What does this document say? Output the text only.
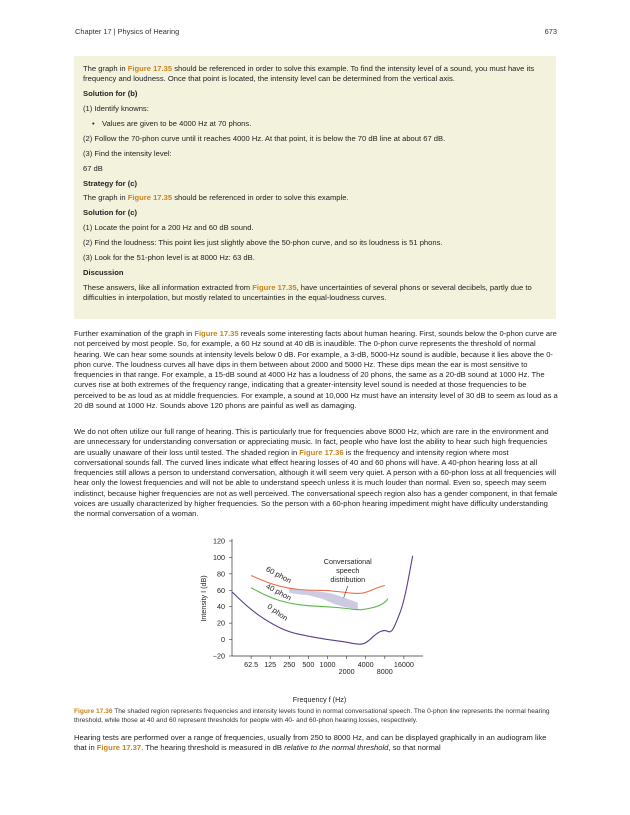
Chapter 17 | Physics of Hearing	673

The graph in Figure 17.35 should be referenced in order to solve this example. To find the intensity level of a sound, you must have its frequency and loudness. Once that point is located, the intensity level can be determined from the vertical axis.

Solution for (b)

(1) Identify knowns:

• Values are given to be 4000 Hz at 70 phons.

(2) Follow the 70-phon curve until it reaches 4000 Hz. At that point, it is below the 70 dB line at about 67 dB.

(3) Find the intensity level:

67 dB

Strategy for (c)

The graph in Figure 17.35 should be referenced in order to solve this example.

Solution for (c)

(1) Locate the point for a 200 Hz and 60 dB sound.

(2) Find the loudness: This point lies just slightly above the 50-phon curve, and so its loudness is 51 phons.

(3) Look for the 51-phon level is at 8000 Hz: 63 dB.

Discussion

These answers, like all information extracted from Figure 17.35, have uncertainties of several phons or several decibels, partly due to difficulties in interpolation, but mostly related to uncertainties in the equal-loudness curves.

Further examination of the graph in Figure 17.35 reveals some interesting facts about human hearing. First, sounds below the 0-phon curve are not perceived by most people. So, for example, a 60 Hz sound at 40 dB is inaudible. The 0-phon curve represents the threshold of normal hearing. We can hear some sounds at intensity levels below 0 dB. For example, a 3-dB, 5000-Hz sound is audible, because it lies above the 0-phon curve. The loudness curves all have dips in them between about 2000 and 5000 Hz. These dips mean the ear is most sensitive to frequencies in that range. For example, a 15-dB sound at 4000 Hz has a loudness of 20 phons, the same as a 20-dB sound at 1000 Hz. The curves rise at both extremes of the frequency range, indicating that a greater-intensity level sound is needed at those frequencies to be perceived to be as loud as at middle frequencies. For example, a sound at 10,000 Hz must have an intensity level of 30 dB to seem as loud as a 20 dB sound at 1000 Hz. Sounds above 120 phons are painful as well as damaging.

We do not often utilize our full range of hearing. This is particularly true for frequencies above 8000 Hz, which are rare in the environment and are unnecessary for understanding conversation or appreciating music. In fact, people who have lost the ability to hear such high frequencies are usually unaware of their loss until tested. The shaded region in Figure 17.36 is the frequency and intensity region where most conversational sounds fall. The curved lines indicate what effect hearing losses of 40 and 60 phons will have. A 40-phon hearing loss at all frequencies still allows a person to understand conversation, although it will seem very quiet. A person with a 60-phon loss at all frequencies will hear only the lowest frequencies and will not be able to understand speech unless it is much louder than normal. Even so, speech may seem indistinct, because higher frequencies are not as well perceived. The conversational speech region also has a gender component, in that female voices are usually characterized by higher frequencies. So the person with a 60-phon hearing impediment might have difficulty understanding the normal conversation of a woman.

120
100
80
60
40
20
0
−20
62.5 125 250 500 1000	4000	16000
2000	8000
Intensity I (dB)
Frequency f (Hz)
60 phon
40 phon
0 phon
Conversational
speech
distribution
Figure 17.36 The shaded region represents frequencies and intensity levels found in normal conversational speech. The 0-phon line represents the normal hearing threshold, while those at 40 and 60 represent thresholds for people with 40- and 60-phon hearing losses, respectively.

Hearing tests are performed over a range of frequencies, usually from 250 to 8000 Hz, and can be displayed graphically in an audiogram like that in Figure 17.37. The hearing threshold is measured in dB relative to the normal threshold, so that normal
